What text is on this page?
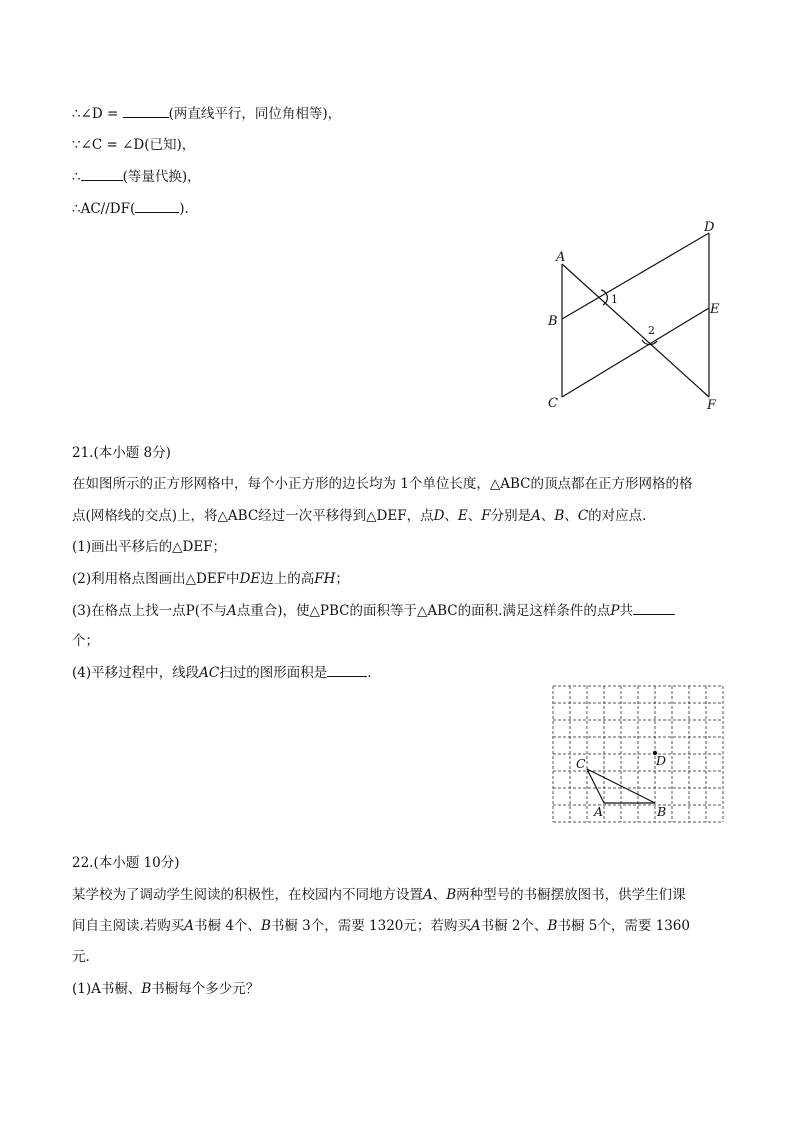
∴∠D =	(两直线平行，同位角相等)，
∵∠C = ∠D(已知)，
∴	(等量代换)，
∴AC//DF(	).
A
B
C
D
E
F
1
2
21.(本小题 8分)
在如图所示的正方形网格中，每个小正方形的边长均为 1个单位长度，△ABC的顶点都在正方形网格的格
点(网格线的交点)上，将△ABC经过一次平移得到△DEF，点D、E、F分别是A、B、C的对应点.
(1)画出平移后的△DEF；
(2)利用格点图画出△DEF中DE边上的高FH；
(3)在格点上找一点P(不与A点重合)，使△PBC的面积等于△ABC的面积.满足这样条件的点P共
个；
(4)平移过程中，线段AC扫过的图形面积是	.
C	D
A	B
22.(本小题 10分)
某学校为了调动学生阅读的积极性，在校园内不同地方设置A、B两种型号的书橱摆放图书，供学生们课
间自主阅读.若购买A书橱 4个、B书橱 3个，需要 1320元；若购买A书橱 2个、B书橱 5个，需要 1360
元.
(1)A书橱、B书橱每个多少元？
